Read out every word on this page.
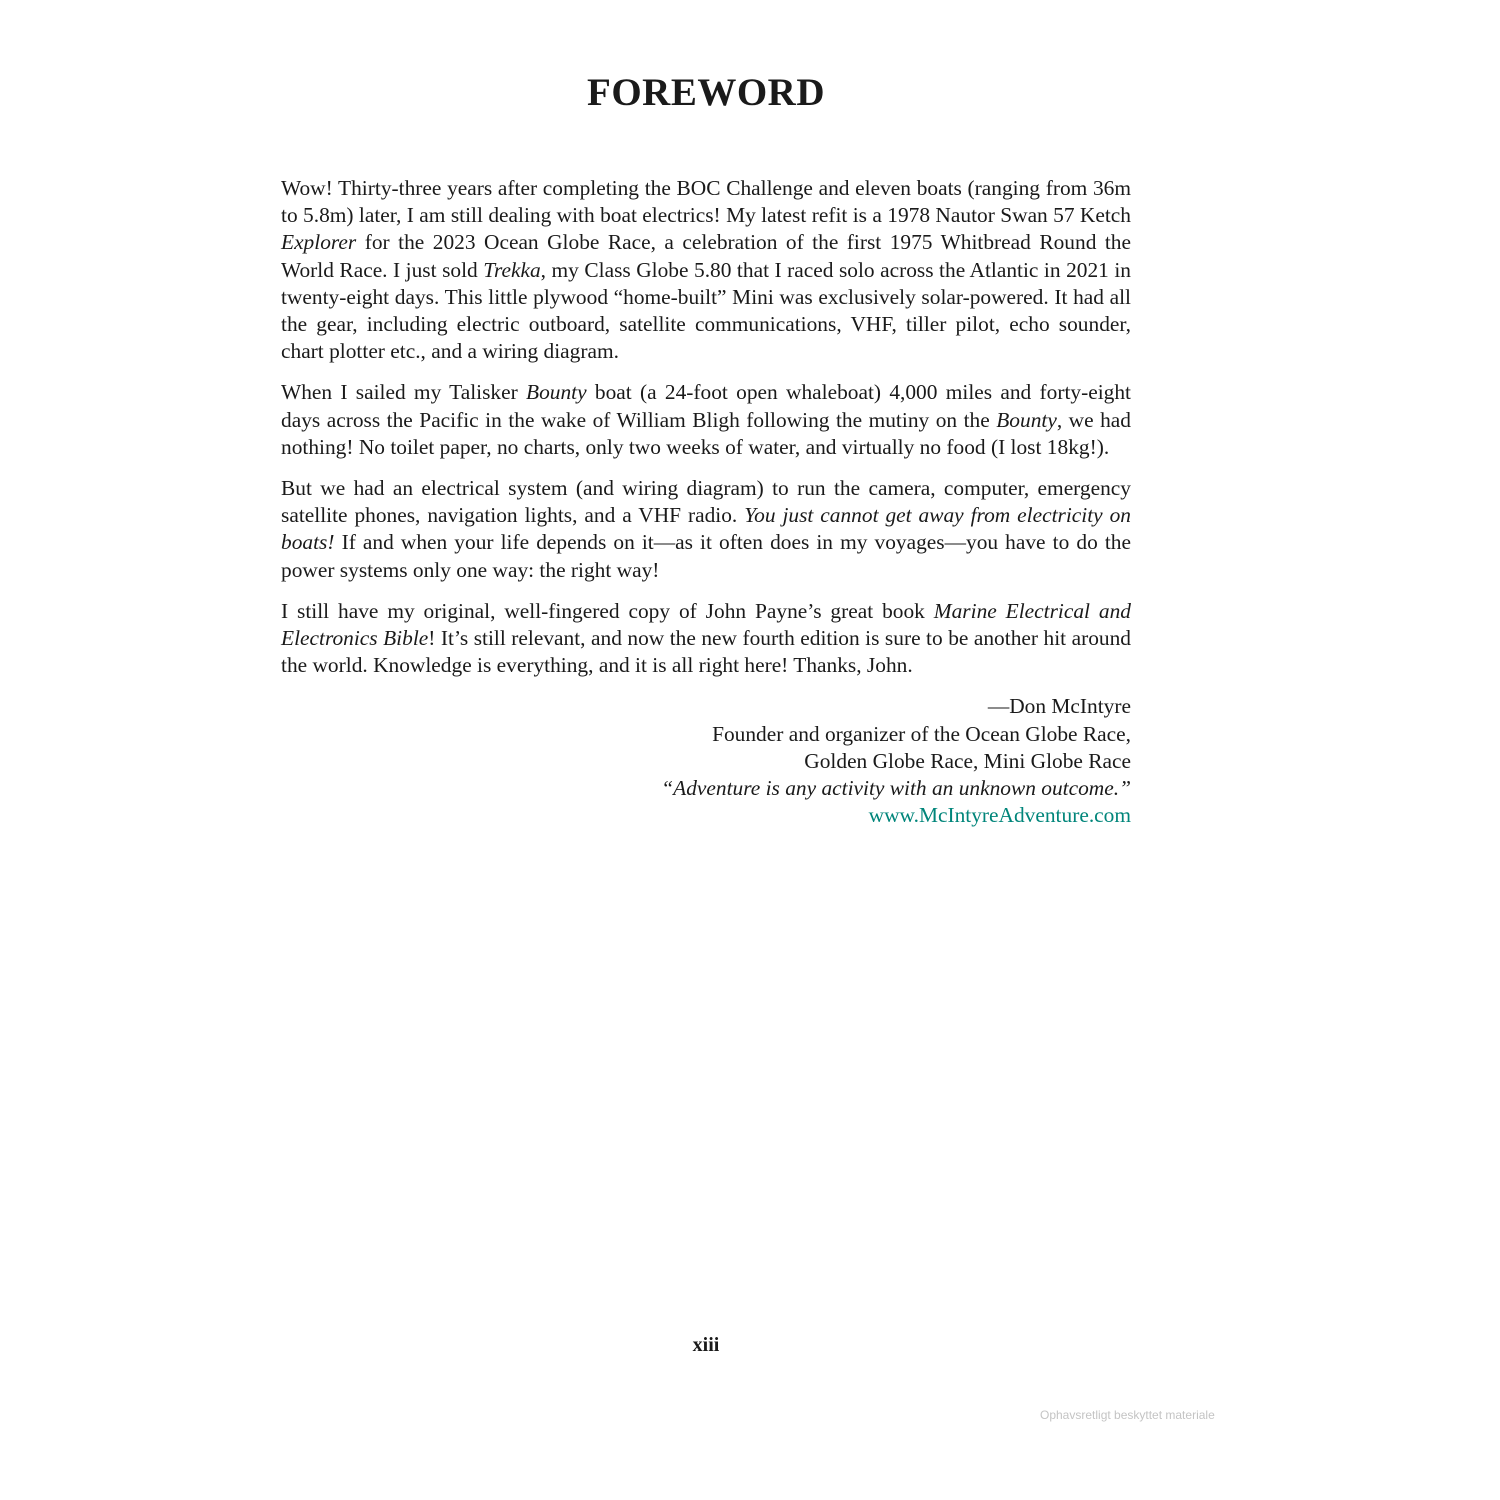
FOREWORD

Wow! Thirty-three years after completing the BOC Challenge and eleven boats (ranging from 36m to 5.8m) later, I am still dealing with boat electrics! My latest refit is a 1978 Nautor Swan 57 Ketch Explorer for the 2023 Ocean Globe Race, a celebration of the first 1975 Whitbread Round the World Race. I just sold Trekka, my Class Globe 5.80 that I raced solo across the Atlantic in 2021 in twenty-eight days. This little plywood “home-built” Mini was exclusively solar-powered. It had all the gear, including electric outboard, satellite communications, VHF, tiller pilot, echo sounder, chart plotter etc., and a wiring diagram.

When I sailed my Talisker Bounty boat (a 24-foot open whaleboat) 4,000 miles and forty-eight days across the Pacific in the wake of William Bligh following the mutiny on the Bounty, we had nothing! No toilet paper, no charts, only two weeks of water, and virtually no food (I lost 18kg!).

But we had an electrical system (and wiring diagram) to run the camera, computer, emergency satellite phones, navigation lights, and a VHF radio. You just cannot get away from electricity on boats! If and when your life depends on it—as it often does in my voyages—you have to do the power systems only one way: the right way!

I still have my original, well-fingered copy of John Payne’s great book Marine Electrical and Electronics Bible! It’s still relevant, and now the new fourth edition is sure to be another hit around the world. Knowledge is everything, and it is all right here! Thanks, John.

—Don McIntyre
Founder and organizer of the Ocean Globe Race,
Golden Globe Race, Mini Globe Race
“Adventure is any activity with an unknown outcome.”
www.McIntyreAdventure.com
xiii
Ophavsretligt beskyttet materiale
